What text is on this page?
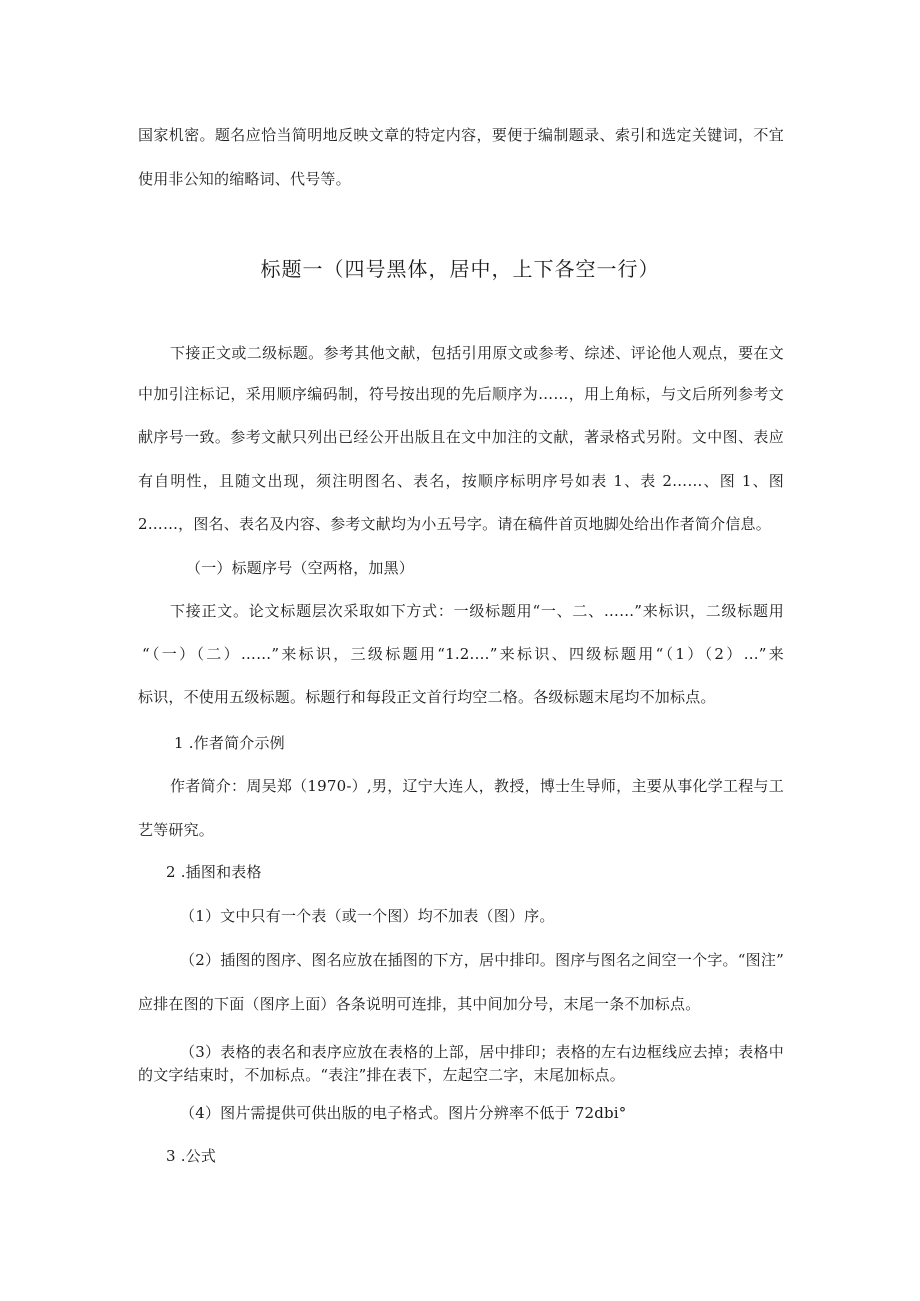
国家机密。题名应恰当简明地反映文章的特定内容，要便于编制题录、索引和选定关键词，不宜
使用非公知的缩略词、代号等。
标题一（四号黑体，居中，上下各空一行）
下接正文或二级标题。参考其他文献，包括引用原文或参考、综述、评论他人观点，要在文
中加引注标记，采用顺序编码制，符号按出现的先后顺序为……，用上角标，与文后所列参考文
献序号一致。参考文献只列出已经公开出版且在文中加注的文献，著录格式另附。文中图、表应
有自明性，且随文出现，须注明图名、表名，按顺序标明序号如表 1、表 2……、图 1、图
2……，图名、表名及内容、参考文献均为小五号字。请在稿件首页地脚处给出作者简介信息。
（一）标题序号（空两格，加黑）
下接正文。论文标题层次采取如下方式：一级标题用“一、二、……”来标识，二级标题用
“（一）（二）……”来标识，三级标题用“1.2.…”来标识、四级标题用“（1）（2）…”来
标识，不使用五级标题。标题行和每段正文首行均空二格。各级标题末尾均不加标点。
1 .作者简介示例
作者简介：周吴郑（1970-）,男，辽宁大连人，教授，博士生导师，主要从事化学工程与工
艺等研究。
2 .插图和表格
（1）文中只有一个表（或一个图）均不加表（图）序。
（2）插图的图序、图名应放在插图的下方，居中排印。图序与图名之间空一个字。“图注”
应排在图的下面（图序上面）各条说明可连排，其中间加分号，末尾一条不加标点。
（3）表格的表名和表序应放在表格的上部，居中排印；表格的左右边框线应去掉；表格中
的文字结束时，不加标点。“表注”排在表下，左起空二字，末尾加标点。
（4）图片需提供可供出版的电子格式。图片分辨率不低于 72dbi°
3 .公式
